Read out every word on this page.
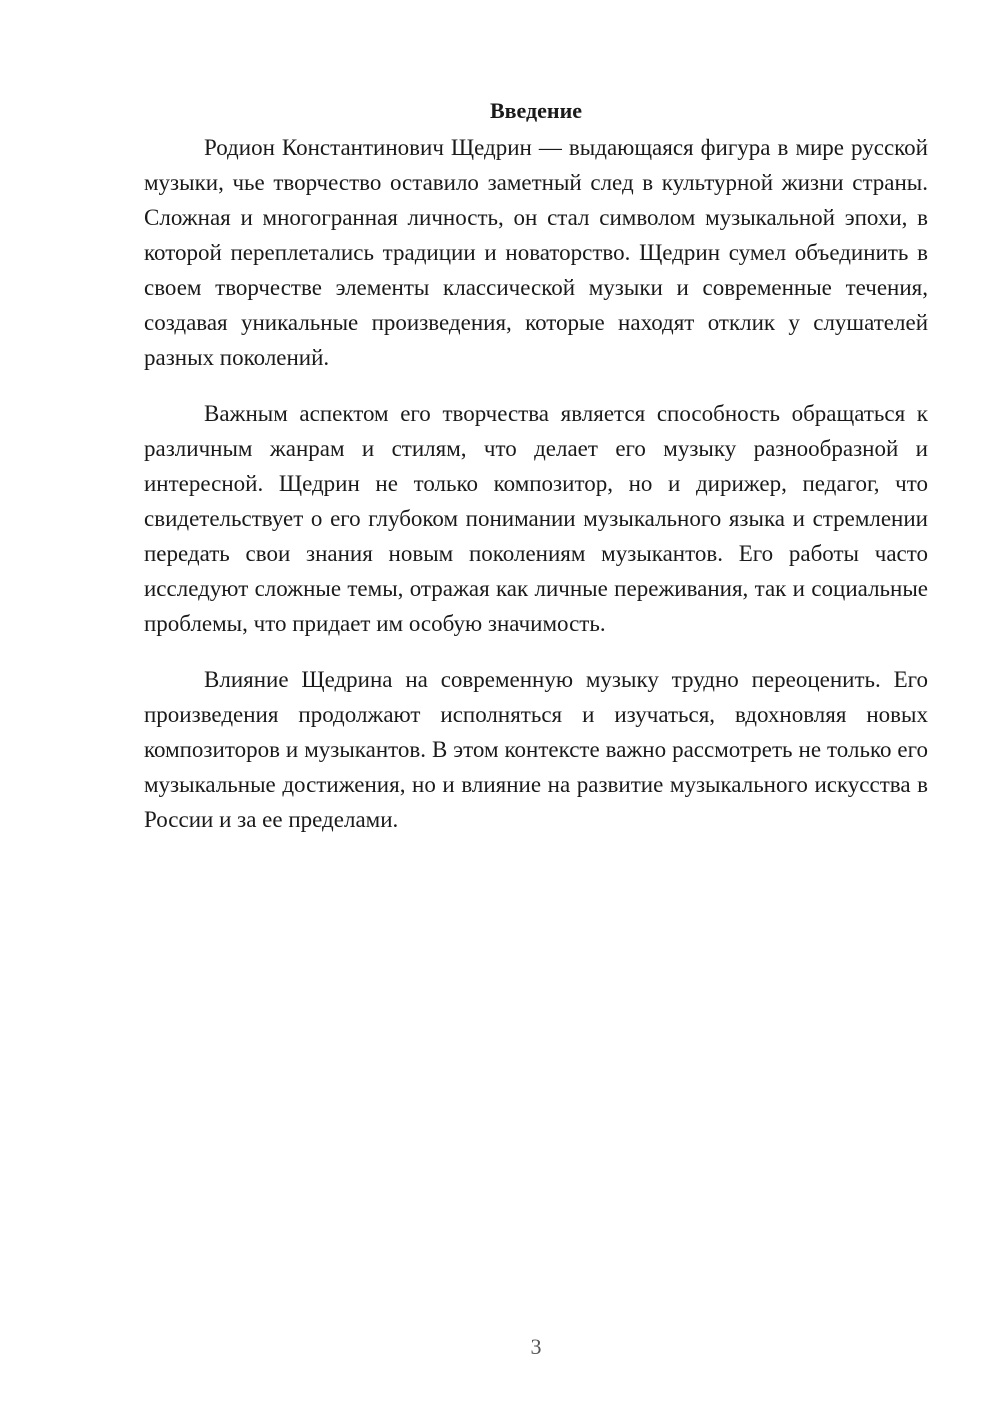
Введение

Родион Константинович Щедрин — выдающаяся фигура в мире русской музыки, чье творчество оставило заметный след в культурной жизни страны. Сложная и многогранная личность, он стал символом музыкальной эпохи, в которой переплетались традиции и новаторство. Щедрин сумел объединить в своем творчестве элементы классической музыки и современные течения, создавая уникальные произведения, которые находят отклик у слушателей разных поколений.

Важным аспектом его творчества является способность обращаться к различным жанрам и стилям, что делает его музыку разнообразной и интересной. Щедрин не только композитор, но и дирижер, педагог, что свидетельствует о его глубоком понимании музыкального языка и стремлении передать свои знания новым поколениям музыкантов. Его работы часто исследуют сложные темы, отражая как личные переживания, так и социальные проблемы, что придает им особую значимость.

Влияние Щедрина на современную музыку трудно переоценить. Его произведения продолжают исполняться и изучаться, вдохновляя новых композиторов и музыкантов. В этом контексте важно рассмотреть не только его музыкальные достижения, но и влияние на развитие музыкального искусства в России и за ее пределами.

3
